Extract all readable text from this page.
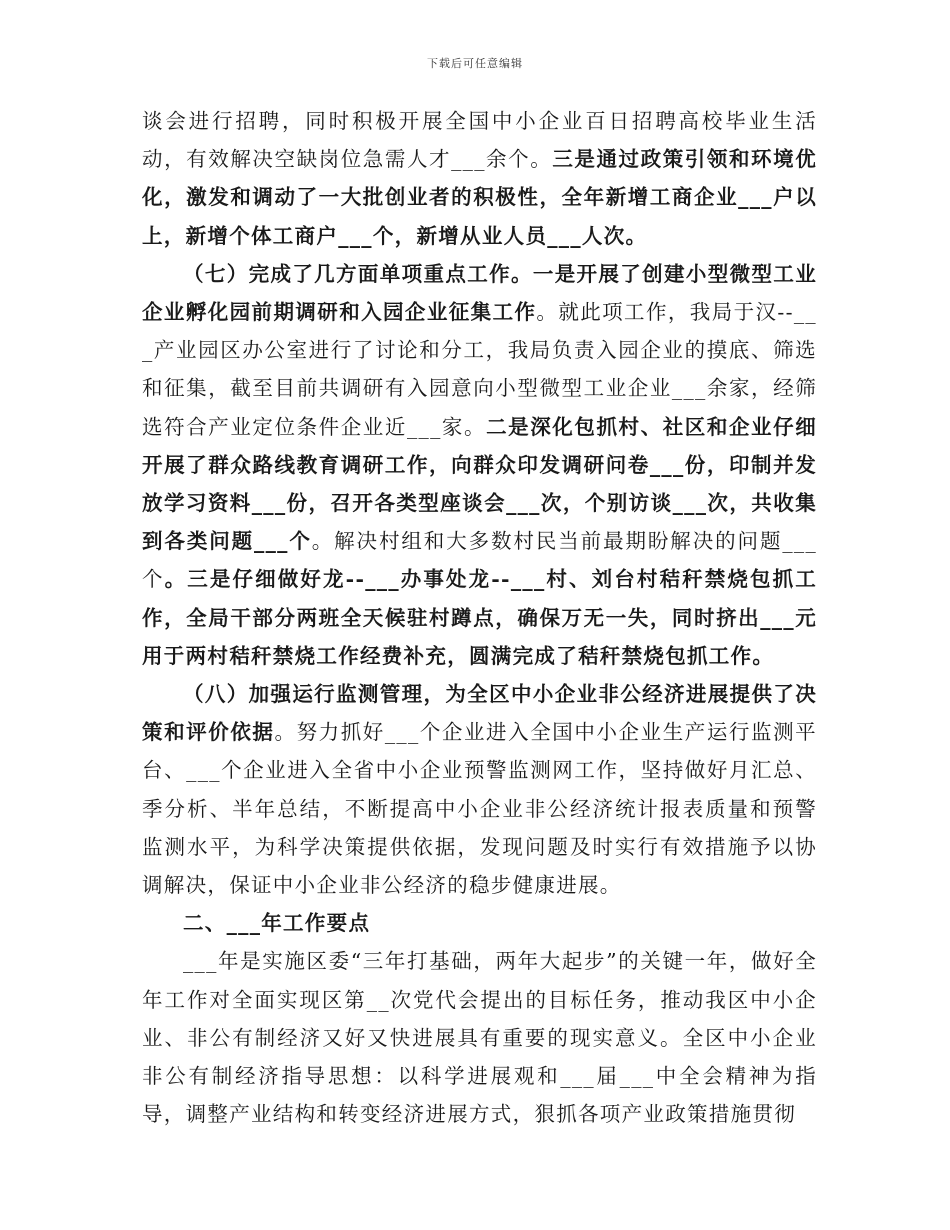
下载后可任意编辑

谈会进行招聘，同时积极开展全国中小企业百日招聘高校毕业生活动，有效解决空缺岗位急需人才___余个。三是通过政策引领和环境优化，激发和调动了一大批创业者的积极性，全年新增工商企业___户以上，新增个体工商户___个，新增从业人员___人次。

（七）完成了几方面单项重点工作。一是开展了创建小型微型工业企业孵化园前期调研和入园企业征集工作。就此项工作，我局于汉--___产业园区办公室进行了讨论和分工，我局负责入园企业的摸底、筛选和征集，截至目前共调研有入园意向小型微型工业企业___余家，经筛选符合产业定位条件企业近___家。二是深化包抓村、社区和企业仔细开展了群众路线教育调研工作，向群众印发调研问卷___份，印制并发放学习资料___份，召开各类型座谈会___次，个别访谈___次，共收集到各类问题___个。解决村组和大多数村民当前最期盼解决的问题___个。三是仔细做好龙--___办事处龙--___村、刘台村秸秆禁烧包抓工作，全局干部分两班全天候驻村蹲点，确保万无一失，同时挤出___元用于两村秸秆禁烧工作经费补充，圆满完成了秸秆禁烧包抓工作。

（八）加强运行监测管理，为全区中小企业非公经济进展提供了决策和评价依据。努力抓好___个企业进入全国中小企业生产运行监测平台、___个企业进入全省中小企业预警监测网工作，坚持做好月汇总、季分析、半年总结，不断提高中小企业非公经济统计报表质量和预警监测水平，为科学决策提供依据，发现问题及时实行有效措施予以协调解决，保证中小企业非公经济的稳步健康进展。

二、___年工作要点

___年是实施区委“三年打基础，两年大起步”的关键一年，做好全年工作对全面实现区第__次党代会提出的目标任务，推动我区中小企业、非公有制经济又好又快进展具有重要的现实意义。全区中小企业非公有制经济指导思想：以科学进展观和___届___中全会精神为指导，调整产业结构和转变经济进展方式，狠抓各项产业政策措施贯彻
